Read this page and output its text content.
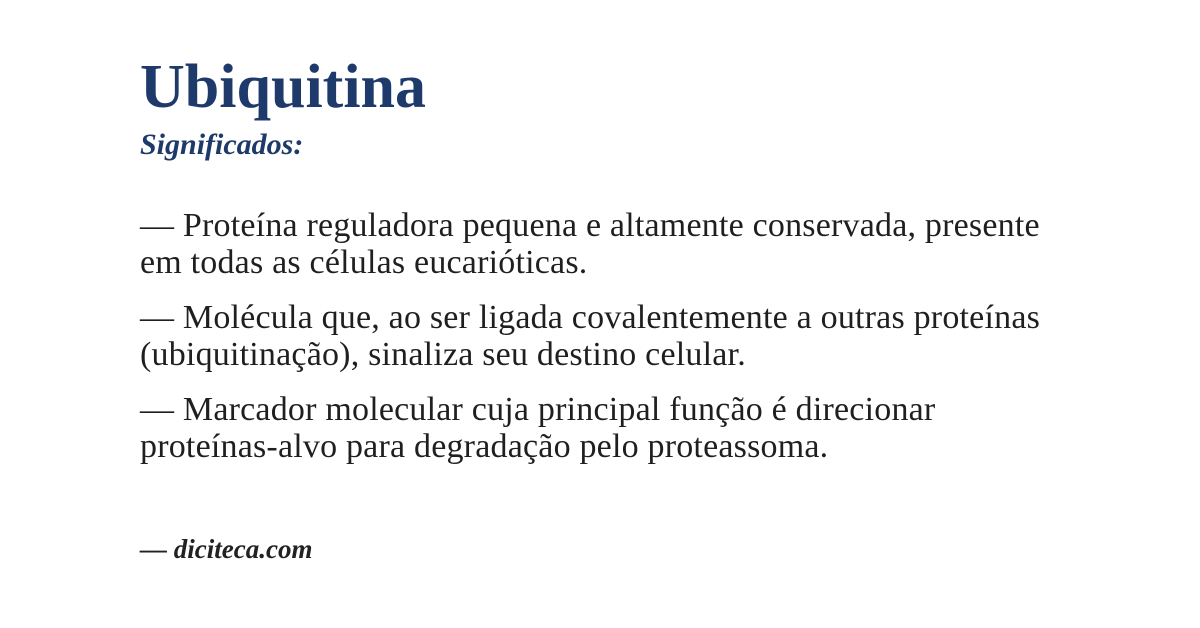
Ubiquitina
Significados:

— Proteína reguladora pequena e altamente conservada, presente em todas as células eucarióticas.

— Molécula que, ao ser ligada covalentemente a outras proteínas (ubiquitinação), sinaliza seu destino celular.

— Marcador molecular cuja principal função é direcionar proteínas-alvo para degradação pelo proteassoma.

— diciteca.com
